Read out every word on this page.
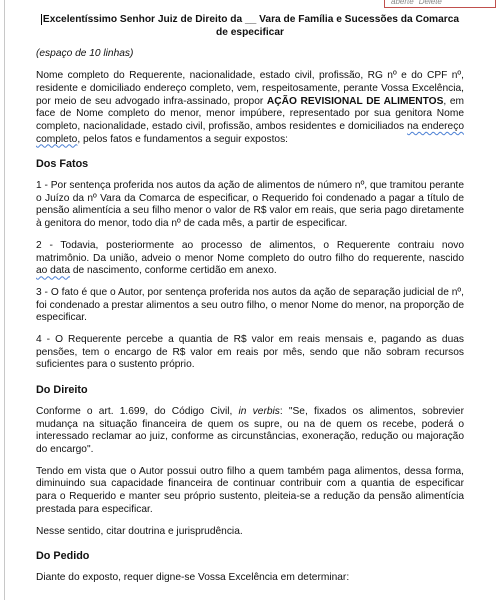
aberte "Delete"
Excelentíssimo Senhor Juiz de Direito da __ Vara de Família e Sucessões da Comarca de especificar
(espaço de 10 linhas)

Nome completo do Requerente, nacionalidade, estado civil, profissão, RG nº e do CPF nº, residente e domiciliado endereço completo, vem, respeitosamente, perante Vossa Excelência, por meio de seu advogado infra-assinado, propor AÇÃO REVISIONAL DE ALIMENTOS, em face de Nome completo do menor, menor impúbere, representado por sua genitora Nome completo, nacionalidade, estado civil, profissão, ambos residentes e domiciliados na endereço completo, pelos fatos e fundamentos a seguir expostos:

Dos Fatos

1 - Por sentença proferida nos autos da ação de alimentos de número nº, que tramitou perante o Juízo da nº Vara da Comarca de especificar, o Requerido foi condenado a pagar a título de pensão alimentícia a seu filho menor o valor de R$ valor em reais, que seria pago diretamente à genitora do menor, todo dia nº de cada mês, a partir de especificar.

2 - Todavia, posteriormente ao processo de alimentos, o Requerente contraiu novo matrimônio. Da união, adveio o menor Nome completo do outro filho do requerente, nascido ao data de nascimento, conforme certidão em anexo.

3 - O fato é que o Autor, por sentença proferida nos autos da ação de separação judicial de nº, foi condenado a prestar alimentos a seu outro filho, o menor Nome do menor, na proporção de especificar.

4 - O Requerente percebe a quantia de R$ valor em reais mensais e, pagando as duas pensões, tem o encargo de R$ valor em reais por mês, sendo que não sobram recursos suficientes para o sustento próprio.

Do Direito

Conforme o art. 1.699, do Código Civil, in verbis: "Se, fixados os alimentos, sobrevier mudança na situação financeira de quem os supre, ou na de quem os recebe, poderá o interessado reclamar ao juiz, conforme as circunstâncias, exoneração, redução ou majoração do encargo".

Tendo em vista que o Autor possui outro filho a quem também paga alimentos, dessa forma, diminuindo sua capacidade financeira de continuar contribuir com a quantia de especificar para o Requerido e manter seu próprio sustento, pleiteia-se a redução da pensão alimentícia prestada para especificar.

Nesse sentido, citar doutrina e jurisprudência.

Do Pedido

Diante do exposto, requer digne-se Vossa Excelência em determinar:
